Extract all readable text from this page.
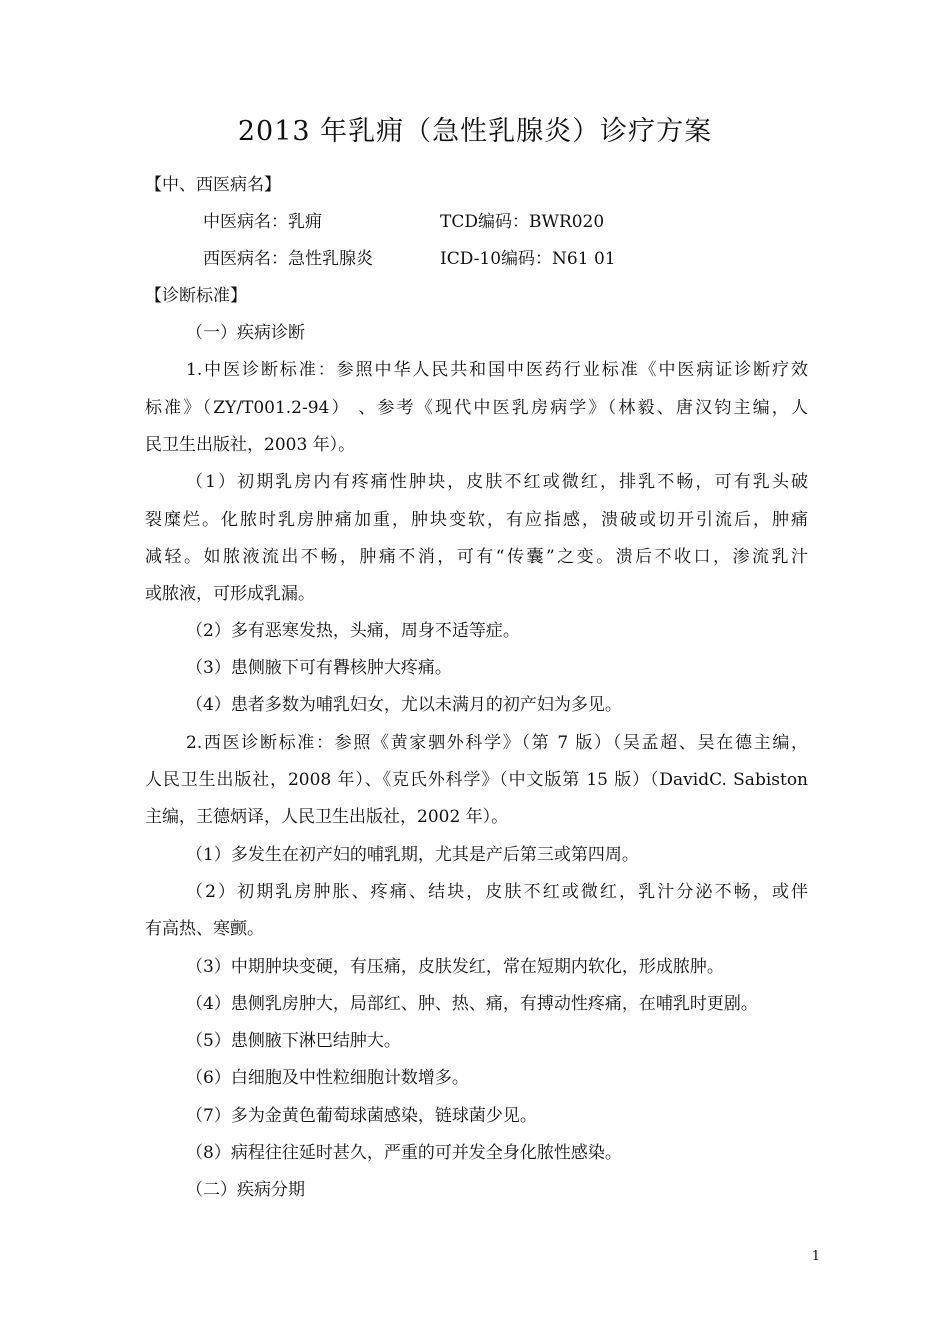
2013 年乳痈（急性乳腺炎）诊疗方案
【中、西医病名】
中医病名：乳痈	TCD编码：BWR020
西医病名：急性乳腺炎	ICD-10编码：N61 01
【诊断标准】
（一）疾病诊断
1.中医诊断标准：参照中华人民共和国中医药行业标准《中医病证诊断疗效
标准》（ZY/T001.2-94） 、参考《现代中医乳房病学》（林毅、唐汉钧主编，人
民卫生出版社，2003 年）。
（1）初期乳房内有疼痛性肿块，皮肤不红或微红，排乳不畅，可有乳头破
裂糜烂。化脓时乳房肿痛加重，肿块变软，有应指感，溃破或切开引流后，肿痛
减轻。如脓液流出不畅，肿痛不消，可有“传囊”之变。溃后不收口，渗流乳汁
或脓液，可形成乳漏。
（2）多有恶寒发热，头痛，周身不适等症。
（3）患侧腋下可有臖核肿大疼痛。
（4）患者多数为哺乳妇女，尤以未满月的初产妇为多见。
2.西医诊断标准：参照《黄家驷外科学》（第 7 版）（吴孟超、吴在德主编，
人民卫生出版社，2008 年）、《克氏外科学》（中文版第 15 版）（DavidC. Sabiston
主编，王德炳译，人民卫生出版社，2002 年）。
（1）多发生在初产妇的哺乳期，尤其是产后第三或第四周。
（2）初期乳房肿胀、疼痛、结块，皮肤不红或微红，乳汁分泌不畅，或伴
有高热、寒颤。
（3）中期肿块变硬，有压痛，皮肤发红，常在短期内软化，形成脓肿。
（4）患侧乳房肿大，局部红、肿、热、痛，有搏动性疼痛，在哺乳时更剧。
（5）患侧腋下淋巴结肿大。
（6）白细胞及中性粒细胞计数增多。
（7）多为金黄色葡萄球菌感染，链球菌少见。
（8）病程往往延时甚久，严重的可并发全身化脓性感染。
（二）疾病分期
1
